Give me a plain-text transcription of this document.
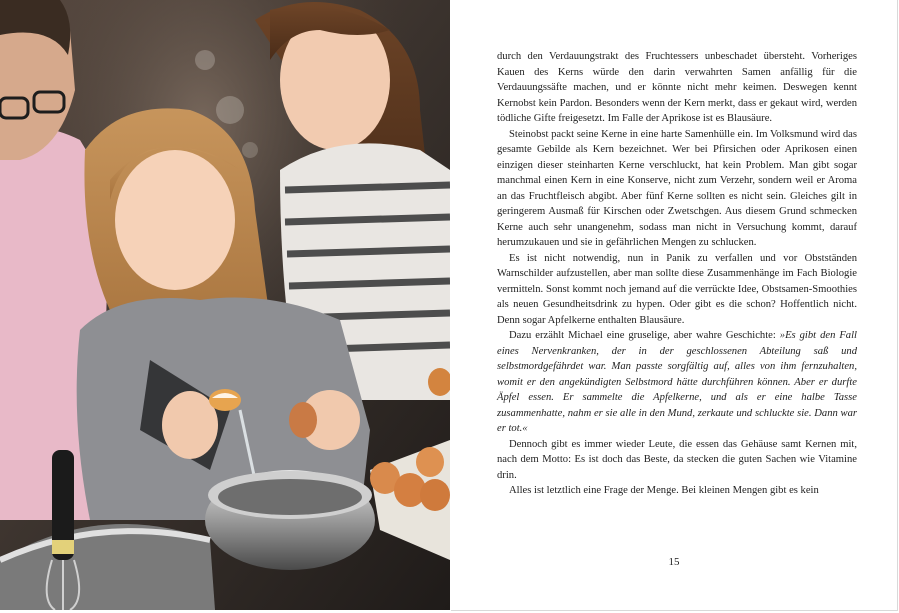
durch den Verdauungstrakt des Fruchtessers unbeschadet übersteht. Vorheriges Kauen des Kerns würde den darin verwahrten Samen anfällig für die Verdauungssäfte machen, und er könnte nicht mehr keimen. Deswegen kennt Kernobst kein Pardon. Besonders wenn der Kern merkt, dass er gekaut wird, werden tödliche Gifte freigesetzt. Im Falle der Aprikose ist es Blausäure.

Steinobst packt seine Kerne in eine harte Samenhülle ein. Im Volksmund wird das gesamte Gebilde als Kern bezeichnet. Wer bei Pfirsichen oder Aprikosen einen einzigen dieser steinharten Kerne verschluckt, hat kein Problem. Man gibt sogar manchmal einen Kern in eine Konserve, nicht zum Verzehr, sondern weil er Aroma an das Fruchtfleisch abgibt. Aber fünf Kerne sollten es nicht sein. Gleiches gilt in geringerem Ausmaß für Kirschen oder Zwetschgen. Aus diesem Grund schmecken Kerne auch sehr unangenehm, sodass man nicht in Versuchung kommt, darauf herumzukauen und sie in gefährlichen Mengen zu schlucken.

Es ist nicht notwendig, nun in Panik zu verfallen und vor Obstständen Warnschilder aufzustellen, aber man sollte diese Zusammenhänge im Fach Biologie vermitteln. Sonst kommt noch jemand auf die verrückte Idee, Obstsamen-Smoothies als neuen Gesundheitsdrink zu hypen. Oder gibt es die schon? Hoffentlich nicht. Denn sogar Apfelkerne enthalten Blausäure.

Dazu erzählt Michael eine gruselige, aber wahre Geschichte: »Es gibt den Fall eines Nervenkranken, der in der geschlossenen Abteilung saß und selbstmordgefährdet war. Man passte sorgfältig auf, alles von ihm fernzuhalten, womit er den angekündigten Selbstmord hätte durchführen können. Aber er durfte Äpfel essen. Er sammelte die Apfelkerne, und als er eine halbe Tasse zusammenhatte, nahm er sie alle in den Mund, zerkaute und schluckte sie. Dann war er tot.«

Dennoch gibt es immer wieder Leute, die essen das Gehäuse samt Kernen mit, nach dem Motto: Es ist doch das Beste, da stecken die guten Sachen wie Vitamine drin.

Alles ist letztlich eine Frage der Menge. Bei kleinen Mengen gibt es kein

15
